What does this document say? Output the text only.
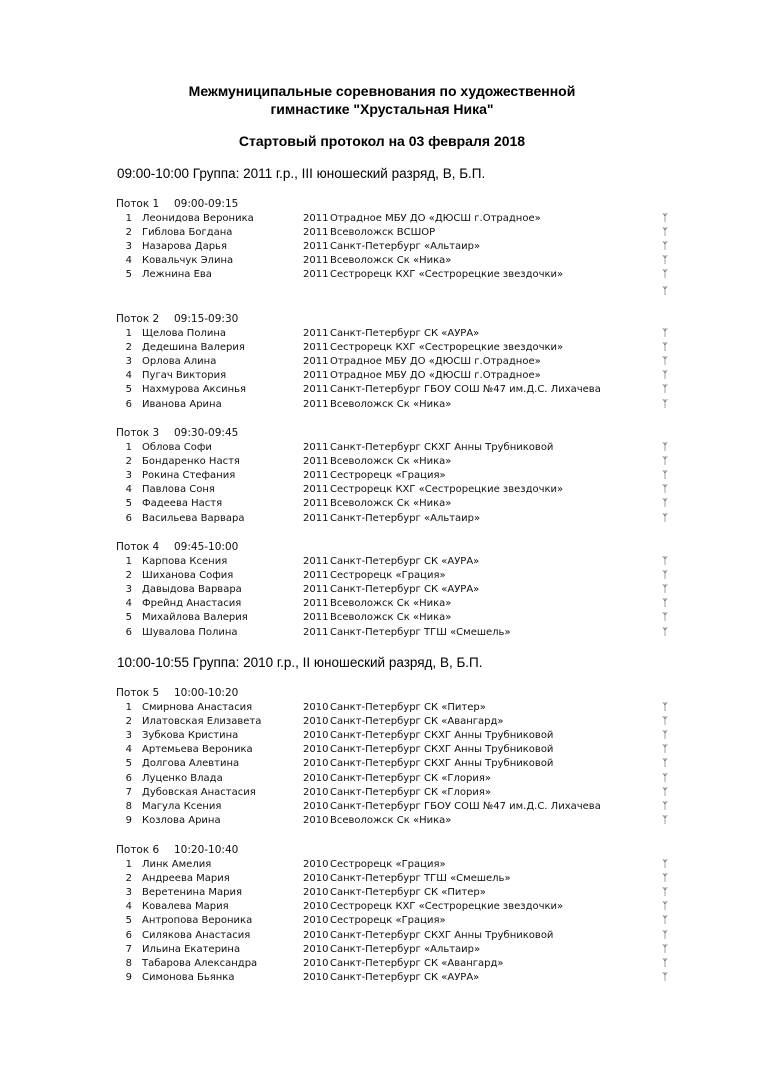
Межмуниципальные соревнования по художественной
гимнастике "Хрустальная Ника"
Стартовый протокол на 03 февраля 2018
09:00-10:00 Группа: 2011 г.р., III юношеский разряд, В, Б.П.
Поток 1 09:00-09:15
1 Леонидова Вероника	2011 Отрадное МБУ ДО «ДЮСШ г.Отрадное»	ᛉ
2 Гиблова Богдана	2011 Всеволожск ВСШОР	ᛉ
3 Назарова Дарья	2011 Санкт-Петербург «Альтаир»	ᛉ
4 Ковальчук Элина	2011 Всеволожск Ск «Ника»	ᛉ
5 Лежнина Ева	2011 Сестрорецк КХГ «Сестрорецкие звездочки»	ᛉ
Поток 2 09:15-09:30
1 Щелова Полина	2011 Санкт-Петербург СК «АУРА»	ᛉ
2 Дедешина Валерия	2011 Сестрорецк КХГ «Сестрорецкие звездочки»	ᛉ
3 Орлова Алина	2011 Отрадное МБУ ДО «ДЮСШ г.Отрадное»	ᛉ
4 Пугач Виктория	2011 Отрадное МБУ ДО «ДЮСШ г.Отрадное»	ᛉ
5 Нахмурова Аксинья	2011 Санкт-Петербург ГБОУ СОШ №47 им.Д.С. Лихачева	ᛉ
6 Иванова Арина	2011 Всеволожск Ск «Ника»	ᛉ
Поток 3 09:30-09:45
1 Облова Софи	2011 Санкт-Петербург СКХГ Анны Трубниковой	ᛉ
2 Бондаренко Настя	2011 Всеволожск Ск «Ника»	ᛉ
3 Рокина Стефания	2011 Сестрорецк «Грация»	ᛉ
4 Павлова Соня	2011 Сестрорецк КХГ «Сестрорецкие звездочки»	ᛉ
5 Фадеева Настя	2011 Всеволожск Ск «Ника»	ᛉ
6 Васильева Варвара	2011 Санкт-Петербург «Альтаир»	ᛉ
Поток 4 09:45-10:00
1 Карпова Ксения	2011 Санкт-Петербург СК «АУРА»	ᛉ
2 Шиханова София	2011 Сестрорецк «Грация»	ᛉ
3 Давыдова Варвара	2011 Санкт-Петербург СК «АУРА»	ᛉ
4 Фрейнд Анастасия	2011 Всеволожск Ск «Ника»	ᛉ
5 Михайлова Валерия	2011 Всеволожск Ск «Ника»	ᛉ
6 Шувалова Полина	2011 Санкт-Петербург ТГШ «Смешель»	ᛉ
10:00-10:55 Группа: 2010 г.р., II юношеский разряд, В, Б.П.
Поток 5 10:00-10:20
1 Смирнова Анастасия	2010 Санкт-Петербург СК «Питер»	ᛉ
2 Илатовская Елизавета	2010 Санкт-Петербург СК «Авангард»	ᛉ
3 Зубкова Кристина	2010 Санкт-Петербург СКХГ Анны Трубниковой	ᛉ
4 Артемьева Вероника	2010 Санкт-Петербург СКХГ Анны Трубниковой	ᛉ
5 Долгова Алевтина	2010 Санкт-Петербург СКХГ Анны Трубниковой	ᛉ
6 Луценко Влада	2010 Санкт-Петербург СК «Глория»	ᛉ
7 Дубовская Анастасия	2010 Санкт-Петербург СК «Глория»	ᛉ
8 Магула Ксения	2010 Санкт-Петербург ГБОУ СОШ №47 им.Д.С. Лихачева	ᛉ
9 Козлова Арина	2010 Всеволожск Ск «Ника»	ᛉ
Поток 6 10:20-10:40
1 Линк Амелия	2010 Сестрорецк «Грация»	ᛉ
2 Андреева Мария	2010 Санкт-Петербург ТГШ «Смешель»	ᛉ
3 Веретенина Мария	2010 Санкт-Петербург СК «Питер»	ᛉ
4 Ковалева Мария	2010 Сестрорецк КХГ «Сестрорецкие звездочки»	ᛉ
5 Антропова Вероника	2010 Сестрорецк «Грация»	ᛉ
6 Силякова Анастасия	2010 Санкт-Петербург СКХГ Анны Трубниковой	ᛉ
7 Ильина Екатерина	2010 Санкт-Петербург «Альтаир»	ᛉ
8 Табарова Александра	2010 Санкт-Петербург СК «Авангард»	ᛉ
9 Симонова Бьянка	2010 Санкт-Петербург СК «АУРА»	ᛉ
ᛉ
